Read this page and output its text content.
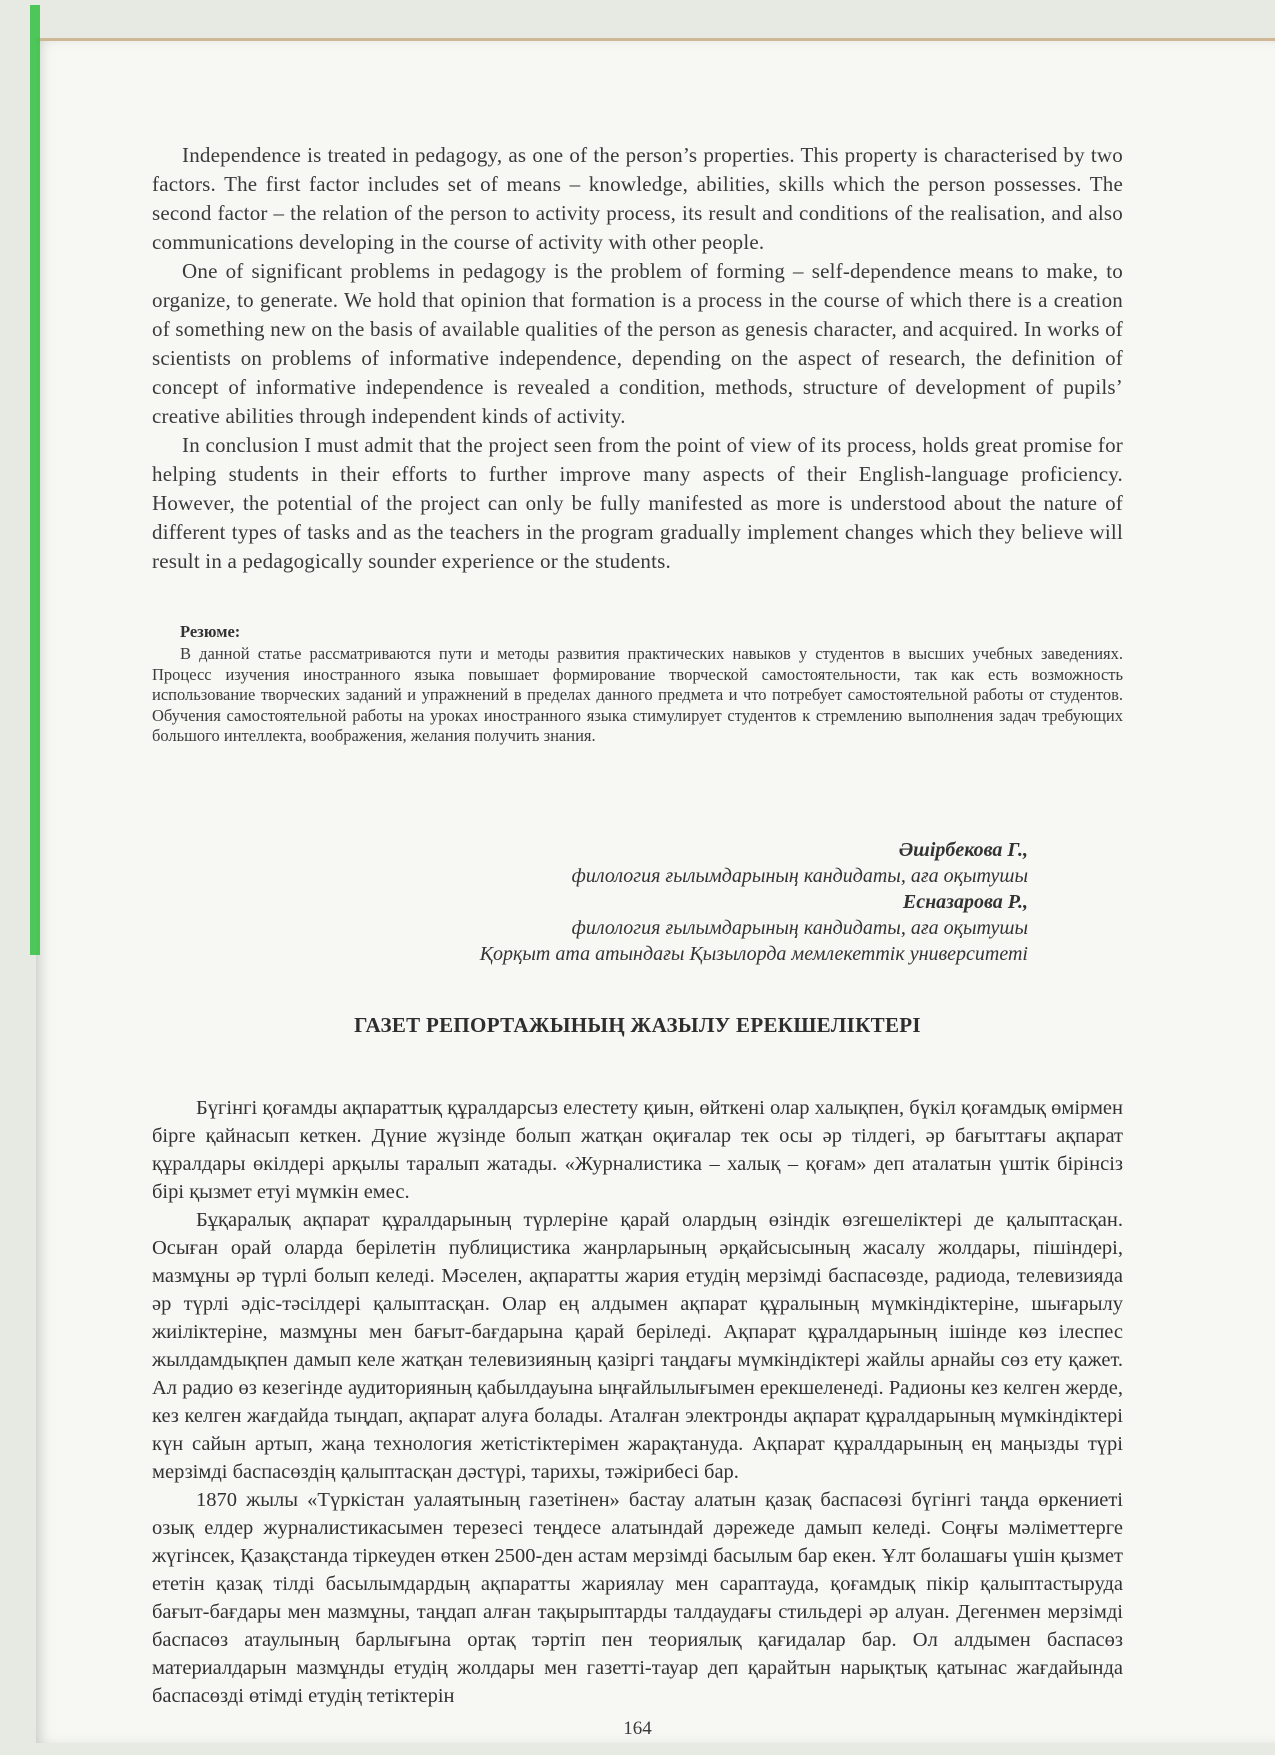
Independence is treated in pedagogy, as one of the person’s properties. This property is characterised by two factors. The first factor includes set of means – knowledge, abilities, skills which the person possesses. The second factor – the relation of the person to activity process, its result and conditions of the realisation, and also communications developing in the course of activity with other people.

One of significant problems in pedagogy is the problem of forming – self-dependence means to make, to organize, to generate. We hold that opinion that formation is a process in the course of which there is a creation of something new on the basis of available qualities of the person as genesis character, and acquired. In works of scientists on problems of informative independence, depending on the aspect of research, the definition of concept of informative independence is revealed a condition, methods, structure of development of pupils’ creative abilities through independent kinds of activity.

In conclusion I must admit that the project seen from the point of view of its process, holds great promise for helping students in their efforts to further improve many aspects of their English-language proficiency. However, the potential of the project can only be fully manifested as more is understood about the nature of different types of tasks and as the teachers in the program gradually implement changes which they believe will result in a pedagogically sounder experience or the students.

Резюме:

В данной статье рассматриваются пути и методы развития практических навыков у студентов в высших учебных заведениях. Процесс изучения иностранного языка повышает формирование творческой самостоятельности, так как есть возможность использование творческих заданий и упражнений в пределах данного предмета и что потребует самостоятельной работы от студентов. Обучения самостоятельной работы на уроках иностранного языка стимулирует студентов к стремлению выполнения задач требующих большого интеллекта, воображения, желания получить знания.

Әшірбекова Г.,

филология ғылымдарының кандидаты, аға оқытушы

Есназарова Р.,

филология ғылымдарының кандидаты, аға оқытушы

Қорқыт ата атындағы Қызылорда мемлекеттік университеті

ГАЗЕТ РЕПОРТАЖЫНЫҢ ЖАЗЫЛУ ЕРЕКШЕЛІКТЕРІ

Бүгінгі қоғамды ақпараттық құралдарсыз елестету қиын, өйткені олар халықпен, бүкіл қоғамдық өмірмен бірге қайнасып кеткен. Дүние жүзінде болып жатқан оқиғалар тек осы әр тілдегі, әр бағыттағы ақпарат құралдары өкілдері арқылы таралып жатады. «Журналистика – халық – қоғам» деп аталатын үштік бірінсіз бірі қызмет етуі мүмкін емес.

Бұқаралық ақпарат құралдарының түрлеріне қарай олардың өзіндік өзгешеліктері де қалыптасқан. Осыған орай оларда берілетін публицистика жанрларының әрқайсысының жасалу жолдары, пішіндері, мазмұны әр түрлі болып келеді. Мәселен, ақпаратты жария етудің мерзімді баспасөзде, радиода, телевизияда әр түрлі әдіс-тәсілдері қалыптасқан. Олар ең алдымен ақпарат құралының мүмкіндіктеріне, шығарылу жиіліктеріне, мазмұны мен бағыт-бағдарына қарай беріледі. Ақпарат құралдарының ішінде көз ілеспес жылдамдықпен дамып келе жатқан телевизияның қазіргі таңдағы мүмкіндіктері жайлы арнайы сөз ету қажет. Ал радио өз кезегінде аудиторияның қабылдауына ыңғайлылығымен ерекшеленеді. Радионы кез келген жерде, кез келген жағдайда тыңдап, ақпарат алуға болады. Аталған электронды ақпарат құралдарының мүмкіндіктері күн сайын артып, жаңа технология жетістіктерімен жарақтануда. Ақпарат құралдарының ең маңызды түрі мерзімді баспасөздің қалыптасқан дәстүрі, тарихы, тәжірибесі бар.

1870 жылы «Түркістан уалаятының газетінен» бастау алатын қазақ баспасөзі бүгінгі таңда өркениеті озық елдер журналистикасымен терезесі теңдесе алатындай дәрежеде дамып келеді. Соңғы мәліметтерге жүгінсек, Қазақстанда тіркеуден өткен 2500-ден астам мерзімді басылым бар екен. Ұлт болашағы үшін қызмет ететін қазақ тілді басылымдардың ақпаратты жариялау мен сараптауда, қоғамдық пікір қалыптастыруда бағыт-бағдары мен мазмұны, таңдап алған тақырыптарды талдаудағы стильдері әр алуан. Дегенмен мерзімді баспасөз атаулының барлығына ортақ тәртіп пен теориялық қағидалар бар. Ол алдымен баспасөз материалдарын мазмұнды етудің жолдары мен газетті-тауар деп қарайтын нарықтық қатынас жағдайында баспасөзді өтімді етудің тетіктерін

164
